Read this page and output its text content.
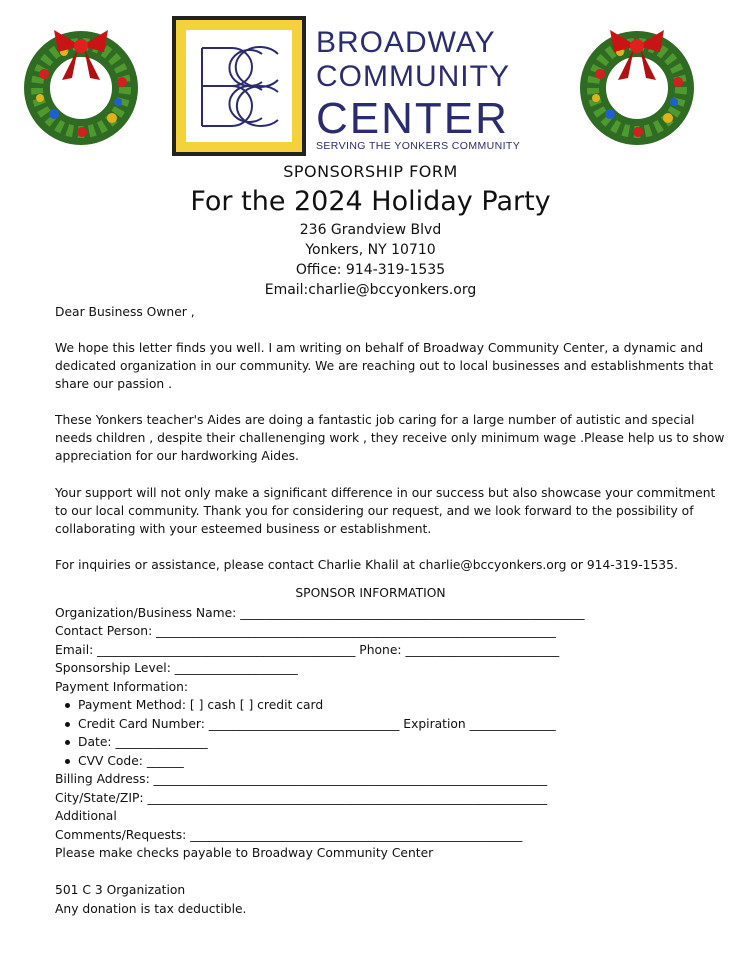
BROADWAY
COMMUNITY
CENTER
SERVING THE YONKERS COMMUNITY
SPONSORSHIP FORM
For the 2024 Holiday Party
236 Grandview Blvd
Yonkers, NY 10710
Office: 914-319-1535
Email:charlie@bccyonkers.org

Dear Business Owner ,

We hope this letter finds you well. I am writing on behalf of Broadway Community Center, a dynamic and dedicated organization in our community. We are reaching out to local businesses and establishments that share our passion .

These Yonkers teacher's Aides are doing a fantastic job caring for a large number of autistic and special needs children , despite their challenenging work , they receive only minimum wage .Please help us to show appreciation for our hardworking Aides.

Your support will not only make a significant difference in our success but also showcase your commitment to our local community. Thank you for considering our request, and we look forward to the possibility of collaborating with your esteemed business or establishment.

For inquiries or assistance, please contact Charlie Khalil at charlie@bccyonkers.org or 914-319-1535.

SPONSOR INFORMATION
Organization/Business Name: ________________________________________________________
Contact Person: _________________________________________________________________
Email: __________________________________________ Phone: _________________________
Sponsorship Level: ____________________
Payment Information:
Payment Method: [ ] cash [ ] credit card
Credit Card Number: _______________________________ Expiration ______________
Date: _______________
CVV Code: ______
Billing Address: ________________________________________________________________
City/State/ZIP: _________________________________________________________________
Additional
Comments/Requests: ______________________________________________________
Please make checks payable to Broadway Community Center
501 C 3 Organization
Any donation is tax deductible.
